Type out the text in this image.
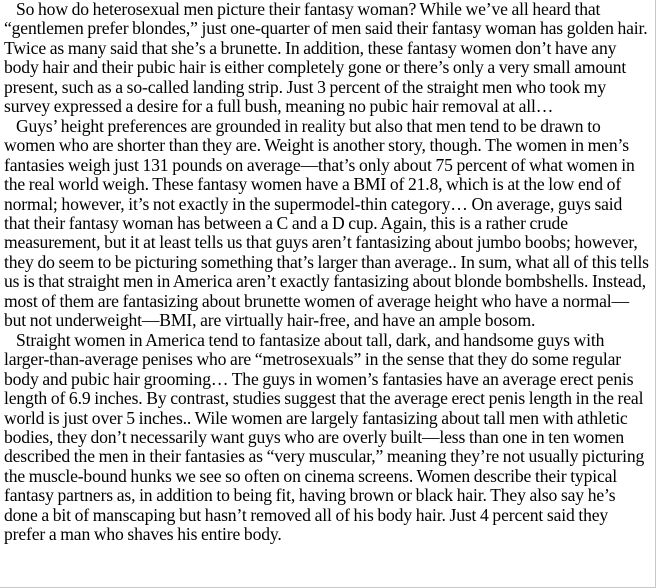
So how do heterosexual men picture their fantasy woman? While we’ve all heard that “gentlemen prefer blondes,” just one-quarter of men said their fantasy woman has golden hair. Twice as many said that she’s a brunette. In addition, these fantasy women don’t have any body hair and their pubic hair is either completely gone or there’s only a very small amount present, such as a so-called landing strip. Just 3 percent of the straight men who took my survey expressed a desire for a full bush, meaning no pubic hair removal at all…

Guys’ height preferences are grounded in reality but also that men tend to be drawn to women who are shorter than they are. Weight is another story, though. The women in men’s fantasies weigh just 131 pounds on average—that’s only about 75 percent of what women in the real world weigh. These fantasy women have a BMI of 21.8, which is at the low end of normal; however, it’s not exactly in the supermodel-thin category… On average, guys said that their fantasy woman has between a C and a D cup. Again, this is a rather crude measurement, but it at least tells us that guys aren’t fantasizing about jumbo boobs; however, they do seem to be picturing something that’s larger than average.. In sum, what all of this tells us is that straight men in America aren’t exactly fantasizing about blonde bombshells. Instead, most of them are fantasizing about brunette women of average height who have a normal—but not underweight—BMI, are virtually hair-free, and have an ample bosom.

Straight women in America tend to fantasize about tall, dark, and handsome guys with larger-than-average penises who are “metrosexuals” in the sense that they do some regular body and pubic hair grooming… The guys in women’s fantasies have an average erect penis length of 6.9 inches. By contrast, studies suggest that the average erect penis length in the real world is just over 5 inches.. Wile women are largely fantasizing about tall men with athletic bodies, they don’t necessarily want guys who are overly built—less than one in ten women described the men in their fantasies as “very muscular,” meaning they’re not usually picturing the muscle-bound hunks we see so often on cinema screens. Women describe their typical fantasy partners as, in addition to being fit, having brown or black hair. They also say he’s done a bit of manscaping but hasn’t removed all of his body hair. Just 4 percent said they prefer a man who shaves his entire body.
